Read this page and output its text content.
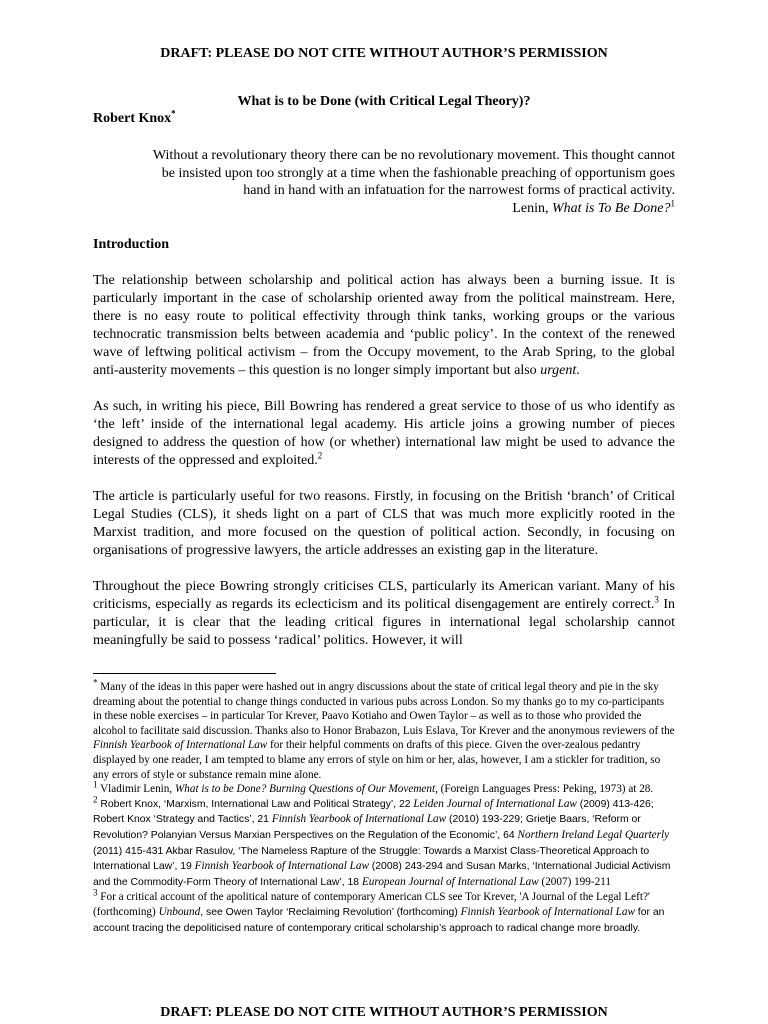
DRAFT: PLEASE DO NOT CITE WITHOUT AUTHOR’S PERMISSION
What is to be Done (with Critical Legal Theory)?
Robert Knox*
Without a revolutionary theory there can be no revolutionary movement. This thought cannot
be insisted upon too strongly at a time when the fashionable preaching of opportunism goes
hand in hand with an infatuation for the narrowest forms of practical activity.
Lenin, What is To Be Done?$^1$

Introduction

The relationship between scholarship and political action has always been a burning issue. It is particularly important in the case of scholarship oriented away from the political mainstream. Here, there is no easy route to political effectivity through think tanks, working groups or the various technocratic transmission belts between academia and ‘public policy’. In the context of the renewed wave of leftwing political activism – from the Occupy movement, to the Arab Spring, to the global anti-austerity movements – this question is no longer simply important but also urgent.

As such, in writing his piece, Bill Bowring has rendered a great service to those of us who identify as ‘the left’ inside of the international legal academy. His article joins a growing number of pieces designed to address the question of how (or whether) international law might be used to advance the interests of the oppressed and exploited.$^2$

The article is particularly useful for two reasons. Firstly, in focusing on the British ‘branch’ of Critical Legal Studies (CLS), it sheds light on a part of CLS that was much more explicitly rooted in the Marxist tradition, and more focused on the question of political action. Secondly, in focusing on organisations of progressive lawyers, the article addresses an existing gap in the literature.

Throughout the piece Bowring strongly criticises CLS, particularly its American variant. Many of his criticisms, especially as regards its eclecticism and its political disengagement are entirely correct.$^3$ In particular, it is clear that the leading critical figures in international legal scholarship cannot meaningfully be said to possess ‘radical’ politics. However, it will

* Many of the ideas in this paper were hashed out in angry discussions about the state of critical legal theory and pie in the sky dreaming about the potential to change things conducted in various pubs across London. So my thanks go to my co-participants in these noble exercises – in particular Tor Krever, Paavo Kotiaho and Owen Taylor – as well as to those who provided the alcohol to facilitate said discussion. Thanks also to Honor Brabazon, Luis Eslava, Tor Krever and the anonymous reviewers of the Finnish Yearbook of International Law for their helpful comments on drafts of this piece. Given the over-zealous pedantry displayed by one reader, I am tempted to blame any errors of style on him or her, alas, however, I am a stickler for tradition, so any errors of style or substance remain mine alone.

$^1$ Vladimir Lenin, What is to be Done? Burning Questions of Our Movement, (Foreign Languages Press: Peking, 1973) at 28.

$^2$ Robert Knox, ‘Marxism, International Law and Political Strategy’, 22 Leiden Journal of International Law (2009) 413-426; Robert Knox ‘Strategy and Tactics’, 21 Finnish Yearbook of International Law (2010) 193-229; Grietje Baars, ‘Reform or Revolution? Polanyian Versus Marxian Perspectives on the Regulation of the Economic’, 64 Northern Ireland Legal Quarterly (2011) 415-431 Akbar Rasulov, ‘The Nameless Rapture of the Struggle: Towards a Marxist Class-Theoretical Approach to International Law’, 19 Finnish Yearbook of International Law (2008) 243-294 and Susan Marks, ‘International Judicial Activism and the Commodity-Form Theory of International Law’, 18 European Journal of International Law (2007) 199-211

$^3$ For a critical account of the apolitical nature of contemporary American CLS see Tor Krever, 'A Journal of the Legal Left?' (forthcoming) Unbound, see Owen Taylor ‘Reclaiming Revolution’ (forthcoming) Finnish Yearbook of International Law for an account tracing the depoliticised nature of contemporary critical scholarship’s approach to radical change more broadly.

DRAFT: PLEASE DO NOT CITE WITHOUT AUTHOR’S PERMISSION
